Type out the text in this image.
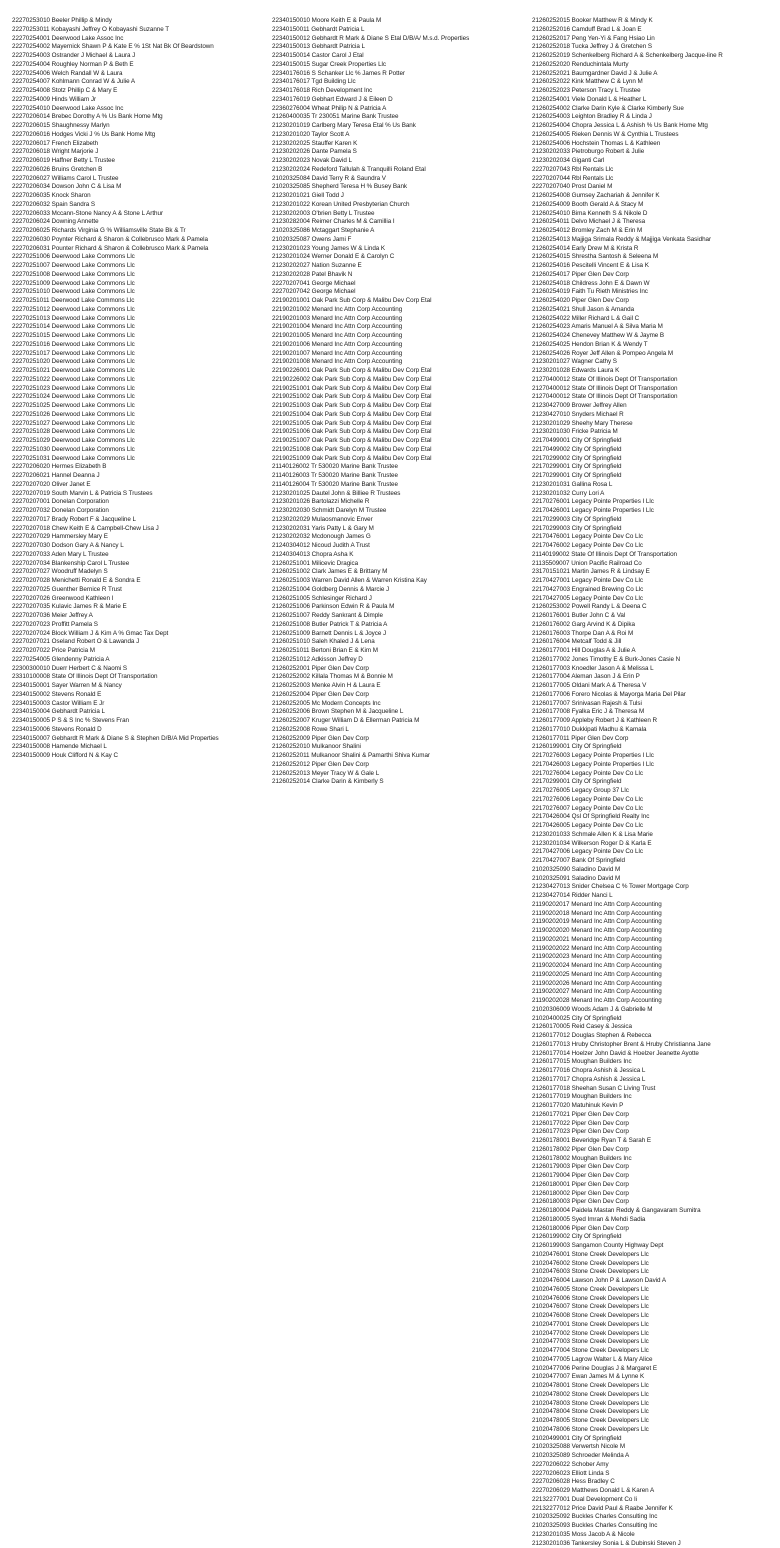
22270253010 Beeler Phillip & Mindy
22270253011 Kobayashi Jeffrey O Kobayashi Suzanne T
22270254001 Deerwood Lake Assoc Inc
22270254002 Mayernick Shawn P & Kate E % 1St Nat Bk Of Beardstown
22270254003 Ostrander J Michael & Laura J
22270254004 Roughley Norman P & Beth E
22270254006 Welch Randall W & Laura
22270254007 Kohlmann Conrad W & Julie A
22270254008 Stotz Phillip C & Mary E
22270254009 Hinds William Jr
22270254010 Deerwood Lake Assoc Inc
22270206014 Brebec Dorothy A % Us Bank Home Mtg
22270206015 Shaughnessy Marlyn
22270206016 Hodges Vicki J % Us Bank Home Mtg
22270206017 French Elizabeth
22270206018 Wright Marjorie J
22270206019 Haffner Betty L Trustee
22270206026 Bruins Gretchen B
22270206027 Williams Carol L Trustee
22270206034 Dowson John C & Lisa M
22270206035 Knock Sharon
22270206032 Spain Sandra S
22270206033 Mccann-Stone Nancy A & Stone L Arthur
22270206024 Downing Annette
22270206025 Richards Virginia G % Williamsville State Bk & Tr
22270206030 Poynter Richard & Sharon & Collebrusco Mark & Pamela
22270206031 Pounter Richard & Sharon & Collebrusco Mark & Pamela
22270251006 Deerwood Lake Commons Llc
22270251007 Deerwood Lake Commons Llc
22270251008 Deerwood Lake Commons Llc
22270251009 Deerwood Lake Commons Llc
22270251010 Deerwood Lake Commons Llc
22270251011 Deerwood Lake Commons Llc
22270251012 Deerwood Lake Commons Llc
22270251013 Deerwood Lake Commons Llc
22270251014 Deerwood Lake Commons Llc
22270251015 Deerwood Lake Commons Llc
22270251016 Deerwood Lake Commons Llc
22270251017 Deerwood Lake Commons Llc
22270251020 Deerwood Lake Commons Llc
22270251021 Deerwood Lake Commons Llc
22270251022 Deerwood Lake Commons Llc
22270251023 Deerwood Lake Commons Llc
22270251024 Deerwood Lake Commons Llc
22270251025 Deerwood Lake Commons Llc
22270251026 Deerwood Lake Commons Llc
22270251027 Deerwood Lake Commons Llc
22270251028 Deerwood Lake Commons Llc
22270251029 Deerwood Lake Commons Llc
22270251030 Deerwood Lake Commons Llc
22270251031 Deerwood Lake Commons Llc
22270206020 Hermes Elizabeth B
22270206021 Hannel Deanna J
22270207020 Oliver Janet E
22270207019 South Marvin L & Patricia S Trustees
22270207001 Donelan Corporation
22270207032 Donelan Corporation
22270207017 Brady Robert F & Jacqueline L
22270207018 Chew Keith E & Campbell-Chew Lisa J
22270207029 Hammersley Mary E
22270207030 Dodson Gary A & Nancy L
22270207033 Aden Mary L Trustee
22270207034 Blankenship Carol L Trustee
22270207027 Woodruff Madelyn S
22270207028 Menichetti Ronald E & Sondra E
22270207025 Guenther Bernice R Trust
22270207026 Greenwood Kathleen I
22270207035 Kulavic James R & Marie E
22270207036 Meier Jeffrey A
22270207023 Proffitt Pamela S
22270207024 Block William J & Kim A % Gmac Tax Dept
22270207021 Oseland Robert O & Lawanda J
22270207022 Price Patricia M
22270254005 Glendenny Patricia A
22300300010 Duerr Herbert C & Naomi S
23310100008 State Of Illinois Dept Of Transportation
22340150001 Sayer Warren M & Nancy
22340150002 Stevens Ronald E
22340150003 Castor William E Jr
22340150004 Gebhardt Patricia L
22340150005 P S & S Inc % Stevens Fran
22340150006 Stevens Ronald D
22340150007 Gebhardt R Mark & Diane S & Stephen D/B/A Mid Properties
22340150008 Hamende Michael L
22340150009 Houk Clifford N & Kay C
22340150010 Moore Keith E & Paula M
22340150011 Gebhardt Patricia L
22340150012 Gebhardt R Mark & Diane S Etal D/B/A/ M.s.d. Properties
22340150013 Gebhardt Patricia L
22340150014 Castor Carol J Etal
22340150015 Sugar Creek Properties Llc
22340176016 S Schanker Llc % James R Potter
22340176017 Tgd Building Llc
22340176018 Rich Development Inc
22340176019 Gebhart Edward J & Eileen D
22360276004 Wheat Philip N & Patricia A
21260400035 Tr 230051 Marine Bank Trustee
21230201019 Carlberg Mary Teresa Etal % Us Bank
21230201020 Taylor Scott A
21230202025 Stauffer Karen K
21230202026 Dante Pamela S
21230202023 Novak David L
21230202024 Redeford Tallulah & Tranquilli Roland Etal
21020325084 David Terry R & Saundra V
21020325085 Shepherd Teresa H % Busey Bank
21230201021 Giell Todd J
21230201022 Korean United Presbyterian Church
21230202003 O'brien Betty L Trustee
21230282004 Reimer Charles M & Camillia I
21020325086 Mctaggart Stephanie A
21020325087 Owens Jami F
21230201023 Young James W & Linda K
21230201024 Werner Donald E & Carolyn C
21230202027 Nation Suzanne E
21230202028 Patel Bhavik N
22270207041 George Michael
22270207042 George Michael
22190201001 Oak Park Sub Corp & Malibu Dev Corp Etal
22190201002 Menard Inc Attn Corp Accounting
22190201003 Menard Inc Attn Corp Accounting
22190201004 Menard Inc Attn Corp Accounting
22190201005 Menard Inc Attn Corp Accounting
22190201006 Menard Inc Attn Corp Accounting
22190201007 Menard Inc Attn Corp Accounting
22190201008 Menard Inc Attn Corp Accounting
22190226001 Oak Park Sub Corp & Malibu Dev Corp Etal
22190226002 Oak Park Sub Corp & Malibu Dev Corp Etal
22190251001 Oak Park Sub Corp & Malibu Dev Corp Etal
22190251002 Oak Park Sub Corp & Malibu Dev Corp Etal
22190251003 Oak Park Sub Corp & Malibu Dev Corp Etal
22190251004 Oak Park Sub Corp & Malibu Dev Corp Etal
22190251005 Oak Park Sub Corp & Malibu Dev Corp Etal
22190251006 Oak Park Sub Corp & Malibu Dev Corp Etal
22190251007 Oak Park Sub Corp & Malibu Dev Corp Etal
22190251008 Oak Park Sub Corp & Malibu Dev Corp Etal
22190251009 Oak Park Sub Corp & Malibu Dev Corp Etal
21140126002 Tr 530020 Marine Bank Trustee
21140126003 Tr 530020 Marine Bank Trustee
21140126004 Tr 530020 Marine Bank Trustee
21230201025 Dautel John & Billiee R Trustees
21230201026 Bartolazzi Michelle R
21230202030 Schmidt Darelyn M Trustee
21230202029 Mulaosmanovic Enver
21230202031 Yaris Patty L & Gary M
21230202032 Mcdonough James G
21240304012 Nicoud Judith A Trust
21240304013 Chopra Asha K
21260251001 Milicevic Dragica
21260251002 Clark James E & Brittany M
21260251003 Warren David Allen & Warren Kristina Kay
21260251004 Goldberg Dennis & Marcie J
21260251005 Schlesinger Richard J
21260251006 Parkinson Edwin R & Paula M
21260251007 Reddy Sankrant & Dimple
21260251008 Butler Patrick T & Patricia A
21260251009 Barnett Dennis L & Joyce J
21260251010 Saleh Khaled J & Lena
21260251011 Bertoni Brian E & Kim M
21260251012 Adkisson Jeffrey D
21260252001 Piper Glen Dev Corp
21260252002 Killala Thomas M & Bonnie M
21260252003 Menke Alvin H & Laura E
21260252004 Piper Glen Dev Corp
21260252005 Mc Modern Concepts Inc
21260252006 Brown Stephen M & Jacqueline L
21260252007 Kruger William D & Ellerman Patricia M
21260252008 Rowe Shari L
21260252009 Piper Glen Dev Corp
21260252010 Mulkanoor Shalini
21260252011 Mulkanoor Shalini & Pamarthi Shiva Kumar
21260252012 Piper Glen Dev Corp
21260252013 Meyer Tracy W & Gale L
21260252014 Clarke Darin & Kimberly S
21260252015 Booker Matthew R & Mindy K
21260252016 Camduff Brad L & Joan E
21260252017 Peng Yen-Yi & Fang Hsiao Lin
21260252018 Tucka Jeffrey J & Gretchen S
21260252019 Schenkelberg Richard A & Schenkelberg Jacque-line R
21260252020 Renduchintala Murty
21260252021 Baumgardner David J & Julie A
21260252022 Kink Matthew C & Lynn M
21260252023 Peterson Tracy L Trustee
21260254001 Viele Donald L & Heather L
21260254002 Clarke Darin Kyle & Clarke Kimberly Sue
21260254003 Leighton Bradley R & Linda J
21260254004 Chopra Jessica L & Ashish % Us Bank Home Mtg
21260254005 Rieken Dennis W & Cynthia L Trustees
21260254006 Hochstein Thomas L & Kathleen
21230202033 Pietroburgo Robert & Julie
21230202034 Giganti Carl
22270207043 Rbl Rentals Llc
22270207044 Rbl Rentals Llc
22270207040 Prost Daniel M
21260254008 Gumsey Zachariah & Jennifer K
21260254009 Booth Gerald A & Stacy M
21260254010 Bima Kenneth S & Nikole D
21260254011 Delvo Michael J & Theresa
21260254012 Bromley Zach M & Erin M
21260254013 Majjiga Srimala Reddy & Majjiga Venkata Sasidhar
21260254014 Early Drew M & Krista R
21260254015 Shrestha Santosh & Seleena M
21260254016 Pescitelli Vincent E & Lisa K
21260254017 Piper Glen Dev Corp
21260254018 Childress John E & Dawn W
21260254019 Faith Tu Rieth Ministries Inc
21260254020 Piper Glen Dev Corp
21260254021 Shull Jason & Amanda
21260254022 Miller Richard L & Gail C
21260254023 Amaris Manuel A & Silva Maria M
21260254024 Chenevey Matthew W & Jayme B
21260254025 Hendon Brian K & Wendy T
21260254026 Royer Jeff Allen & Pompeo Angela M
21230201027 Wagner Cathy S
21230201028 Edwards Laura K
21270400012 State Of Illinois Dept Of Transportation
21270400012 State Of Illinois Dept Of Transportation
21270400012 State Of Illinois Dept Of Transportation
21230427009 Brower Jeffrey Allen
21230427010 Snyders Michael R
21230201029 Sheehy Mary Therese
21230201030 Fricke Patricia M
22170499001 City Of Springfield
22170499002 City Of Springfield
22170299002 City Of Springfield
22170299001 City Of Springfield
22170299001 City Of Springfield
21230201031 Gallina Rosa L
21230201032 Curry Lori A
22170276001 Legacy Pointe Properties I Llc
22170426001 Legacy Pointe Properties I Llc
22170299003 City Of Springfield
22170299003 City Of Springfield
22170476001 Legacy Pointe Dev Co Llc
22170476002 Legacy Pointe Dev Co Llc
21140199002 State Of Illinois Dept Of Transportation
21135509007 Union Pacific Railroad Co
23170151021 Martin James R & Lindsay E
22170427001 Legacy Pointe Dev Co Llc
22170427003 Engrained Brewing Co Llc
22170427005 Legacy Pointe Dev Co Llc
21260253002 Powell Randy L & Deena C
21260176001 Butler John C & Val
21260176002 Garg Arvind K & Dipika
21260176003 Thorpe Dan A & Roi M
21260176004 Metcalf Todd & Jill
21260177001 Hill Douglas A & Julie A
21260177002 Jones Timothy E & Burk-Jones Casie N
21260177003 Knoedler Jason A & Melissa L
21260177004 Aleman Jason J & Erin P
21260177005 Oldani Mark A & Theresa V
21260177006 Forero Nicolas & Mayorga Maria Del Pilar
21260177007 Srinivasan Rajesh & Tulsi
21260177008 Fyalka Eric J & Theresa M
21260177009 Appleby Robert J & Kathleen R
21260177010 Dukkipati Madhu & Kamala
21260177011 Piper Glen Dev Corp
21260199001 City Of Springfield
22170276003 Legacy Pointe Properties I Llc
22170426003 Legacy Pointe Properties I Llc
22170276004 Legacy Pointe Dev Co Llc
22170299001 City Of Springfield
22170276005 Legacy Group 37 Llc
22170276006 Legacy Pointe Dev Co Llc
22170276007 Legacy Pointe Dev Co Llc
22170426004 Qsl Of Springfield Realty Inc
22170426005 Legacy Pointe Dev Co Llc
21230201033 Schmale Allen K & Lisa Marie
21230201034 Wilkerson Roger D & Karla E
22170427006 Legacy Pointe Dev Co Llc
22170427007 Bank Of Springfield
21020325090 Saladino David M
21020325091 Saladino David M
21230427013 Snider Chelsea C % Tower Mortgage Corp
21230427014 Ridder Nanci L
21190202017 Menard Inc Attn Corp Accounting
21190202018 Menard Inc Attn Corp Accounting
21190202019 Menard Inc Attn Corp Accounting
21190202020 Menard Inc Attn Corp Accounting
21190202021 Menard Inc Attn Corp Accounting
21190202022 Menard Inc Attn Corp Accounting
21190202023 Menard Inc Attn Corp Accounting
21190202024 Menard Inc Attn Corp Accounting
21190202025 Menard Inc Attn Corp Accounting
21190202026 Menard Inc Attn Corp Accounting
21190202027 Menard Inc Attn Corp Accounting
21190202028 Menard Inc Attn Corp Accounting
21020306009 Woods Adam J & Gabrielle M
21020400025 City Of Springfield
21260170005 Reid Casey & Jessica
21260177012 Douglas Stephen & Rebecca
21260177013 Hruby Christopher Brent & Hruby Christianna Jane
21260177014 Hoelzer John David & Hoelzer Jeanette Ayotte
21260177015 Moughan Builders Inc
21260177016 Chopra Ashish & Jessica L
21260177017 Chopra Ashish & Jessica L
21260177018 Sheehan Susan C Living Trust
21260177019 Moughan Builders Inc
21260177020 Matuhinuk Kevin P
21260177021 Piper Glen Dev Corp
21260177022 Piper Glen Dev Corp
21260177023 Piper Glen Dev Corp
21260178001 Beveridge Ryan T & Sarah E
21260178002 Piper Glen Dev Corp
21260178002 Moughan Builders Inc
21260179003 Piper Glen Dev Corp
21260179004 Piper Glen Dev Corp
21260180001 Piper Glen Dev Corp
21260180002 Piper Glen Dev Corp
21260180003 Piper Glen Dev Corp
21260180004 Paidela Mastan Reddy & Gangavaram Sumitra
21260180005 Syed Imran & Mehdi Sadia
21260180006 Piper Glen Dev Corp
21260199002 City Of Springfield
21260199003 Sangamon County Highway Dept
21020476001 Stone Creek Developers Llc
21020476002 Stone Creek Developers Llc
21020476003 Stone Creek Developers Llc
21020476004 Lawson John P & Lawson David A
21020476005 Stone Creek Developers Llc
21020476006 Stone Creek Developers Llc
21020476007 Stone Creek Developers Llc
21020476008 Stone Creek Developers Llc
21020477001 Stone Creek Developers Llc
21020477002 Stone Creek Developers Llc
21020477003 Stone Creek Developers Llc
21020477004 Stone Creek Developers Llc
21020477005 Lagrow Walter L & Mary Alice
21020477006 Perine Douglas J & Margaret E
21020477007 Ewan James M & Lynne K
21020478001 Stone Creek Developers Llc
21020478002 Stone Creek Developers Llc
21020478003 Stone Creek Developers Llc
21020478004 Stone Creek Developers Llc
21020478005 Stone Creek Developers Llc
21020478006 Stone Creek Developers Llc
21020499001 City Of Springfield
21020325088 Verwertsh Nicole M
21020325089 Schroeder Melinda A
22270206022 Schober Amy
22270206023 Elliott Linda S
22270206028 Hess Bradley C
22270206029 Matthews Donald L & Karen A
22132277001 Dual Development Co Ii
22132277012 Price David Paul & Raabe Jennifer K
21020325092 Buckles Charles Consulting Inc
21020325093 Buckles Charles Consulting Inc
21230201035 Moss Jacob A & Nicole
21230201036 Tankersley Sonia L & Dubinski Steven J
